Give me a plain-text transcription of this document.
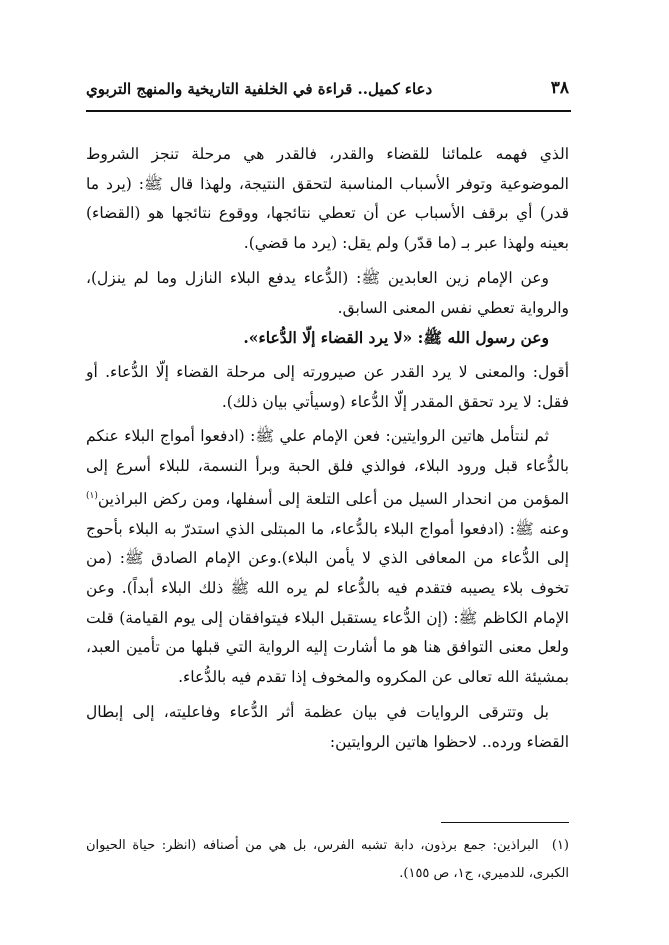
٣٨
دعاء كميل.. قراءة في الخلفية التاريخية والمنهج التربوي

الذي فهمه علمائنا للقضاء والقدر، فالقدر هي مرحلة تنجز الشروط الموضوعية وتوفر الأسباب المناسبة لتحقق النتيجة، ولهذا قال ﷺ: (يرد ما قدر) أي برقف الأسباب عن أن تعطي نتائجها، ووقوع نتائجها هو (القضاء) بعينه ولهذا عبر بـ (ما قدّر) ولم يقل: (يرد ما قضي).

وعن الإمام زين العابدين ﷺ: (الدُّعاء يدفع البلاء النازل وما لم ينزل)، والرواية تعطي نفس المعنى السابق.

وعن رسول الله ﷺ: «لا يرد القضاء إلّا الدُّعاء».

أقول: والمعنى لا يرد القدر عن صيرورته إلى مرحلة القضاء إلّا الدُّعاء. أو فقل: لا يرد تحقق المقدر إلّا الدُّعاء (وسيأتي بيان ذلك).

ثم لنتأمل هاتين الروايتين: فعن الإمام علي ﷺ: (ادفعوا أمواج البلاء عنكم بالدُّعاء قبل ورود البلاء، فوالذي فلق الحبة وبرأ النسمة، للبلاء أسرع إلى المؤمن من انحدار السيل من أعلى التلعة إلى أسفلها، ومن ركض البراذين$^{(١)}$ وعنه ﷺ: (ادفعوا أمواج البلاء بالدُّعاء، ما المبتلى الذي استدرّ به البلاء بأحوج إلى الدُّعاء من المعافى الذي لا يأمن البلاء).وعن الإمام الصادق ﷺ: (من تخوف بلاء يصيبه فتقدم فيه بالدُّعاء لم يره الله ﷺ ذلك البلاء أبداً). وعن الإمام الكاظم ﷺ: (إن الدُّعاء يستقبل البلاء فيتوافقان إلى يوم القيامة) قلت ولعل معنى التوافق هنا هو ما أشارت إليه الرواية التي قبلها من تأمين العبد، بمشيئة الله تعالى عن المكروه والمخوف إذا تقدم فيه بالدُّعاء.

بل وتترقى الروايات في بيان عظمة أثر الدُّعاء وفاعليته، إلى إبطال القضاء ورده.. لاحظوا هاتين الروايتين:

(١)  البراذين: جمع برذون، دابة تشبه الفرس، بل هي من أصنافه (انظر: حياة الحيوان الكبرى، للدميري، ج١، ص ١٥٥).
